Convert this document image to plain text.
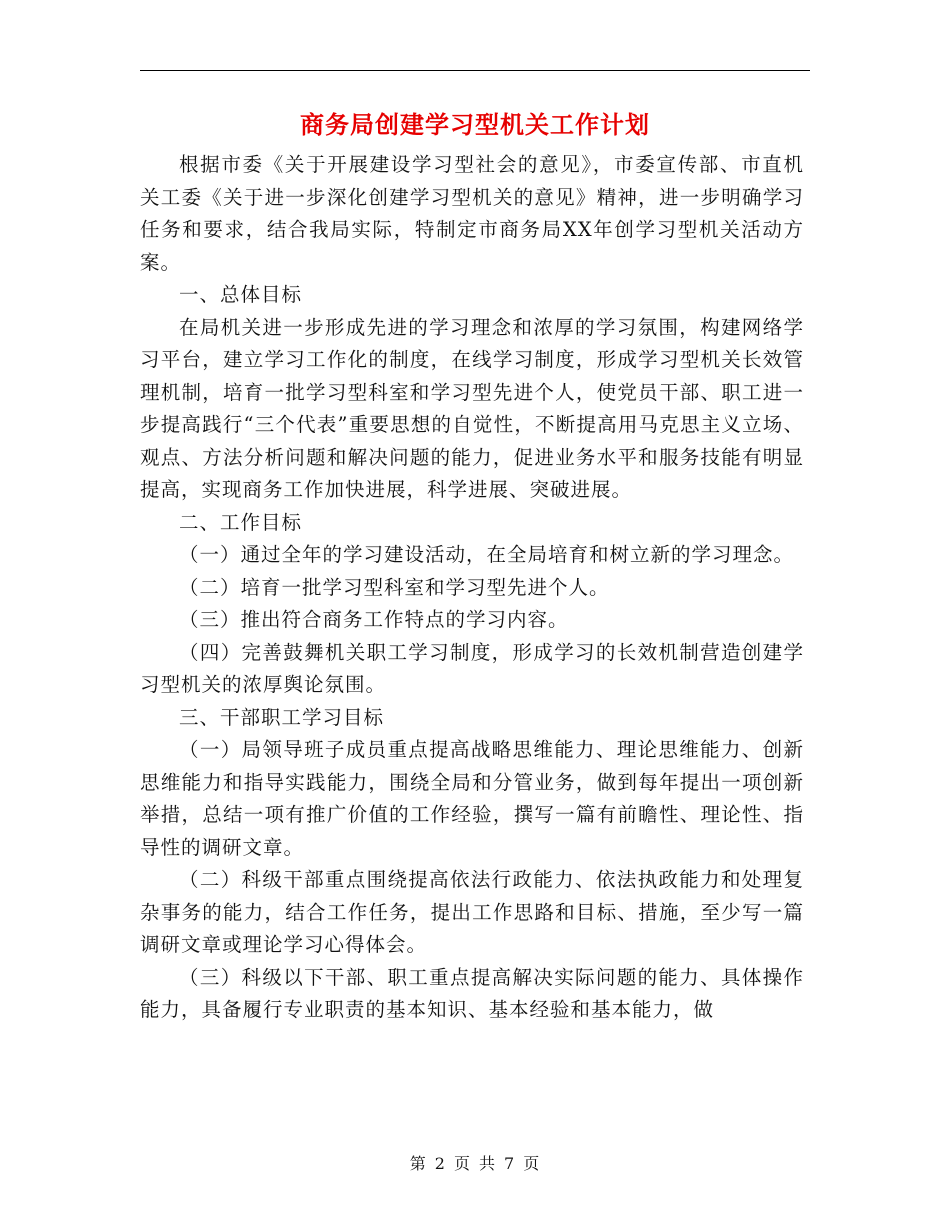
商务局创建学习型机关工作计划

根据市委《关于开展建设学习型社会的意见》，市委宣传部、市直机关工委《关于进一步深化创建学习型机关的意见》精神，进一步明确学习任务和要求，结合我局实际，特制定市商务局XX年创学习型机关活动方案。

一、总体目标

在局机关进一步形成先进的学习理念和浓厚的学习氛围，构建网络学习平台，建立学习工作化的制度，在线学习制度，形成学习型机关长效管理机制，培育一批学习型科室和学习型先进个人，使党员干部、职工进一步提高践行“三个代表”重要思想的自觉性，不断提高用马克思主义立场、观点、方法分析问题和解决问题的能力，促进业务水平和服务技能有明显提高，实现商务工作加快进展，科学进展、突破进展。

二、工作目标

（一）通过全年的学习建设活动，在全局培育和树立新的学习理念。

（二）培育一批学习型科室和学习型先进个人。

（三）推出符合商务工作特点的学习内容。

（四）完善鼓舞机关职工学习制度，形成学习的长效机制营造创建学习型机关的浓厚舆论氛围。

三、干部职工学习目标

（一）局领导班子成员重点提高战略思维能力、理论思维能力、创新思维能力和指导实践能力，围绕全局和分管业务，做到每年提出一项创新举措，总结一项有推广价值的工作经验，撰写一篇有前瞻性、理论性、指导性的调研文章。

（二）科级干部重点围绕提高依法行政能力、依法执政能力和处理复杂事务的能力，结合工作任务，提出工作思路和目标、措施，至少写一篇调研文章或理论学习心得体会。

（三）科级以下干部、职工重点提高解决实际问题的能力、具体操作能力，具备履行专业职责的基本知识、基本经验和基本能力，做

第 2 页 共 7 页
